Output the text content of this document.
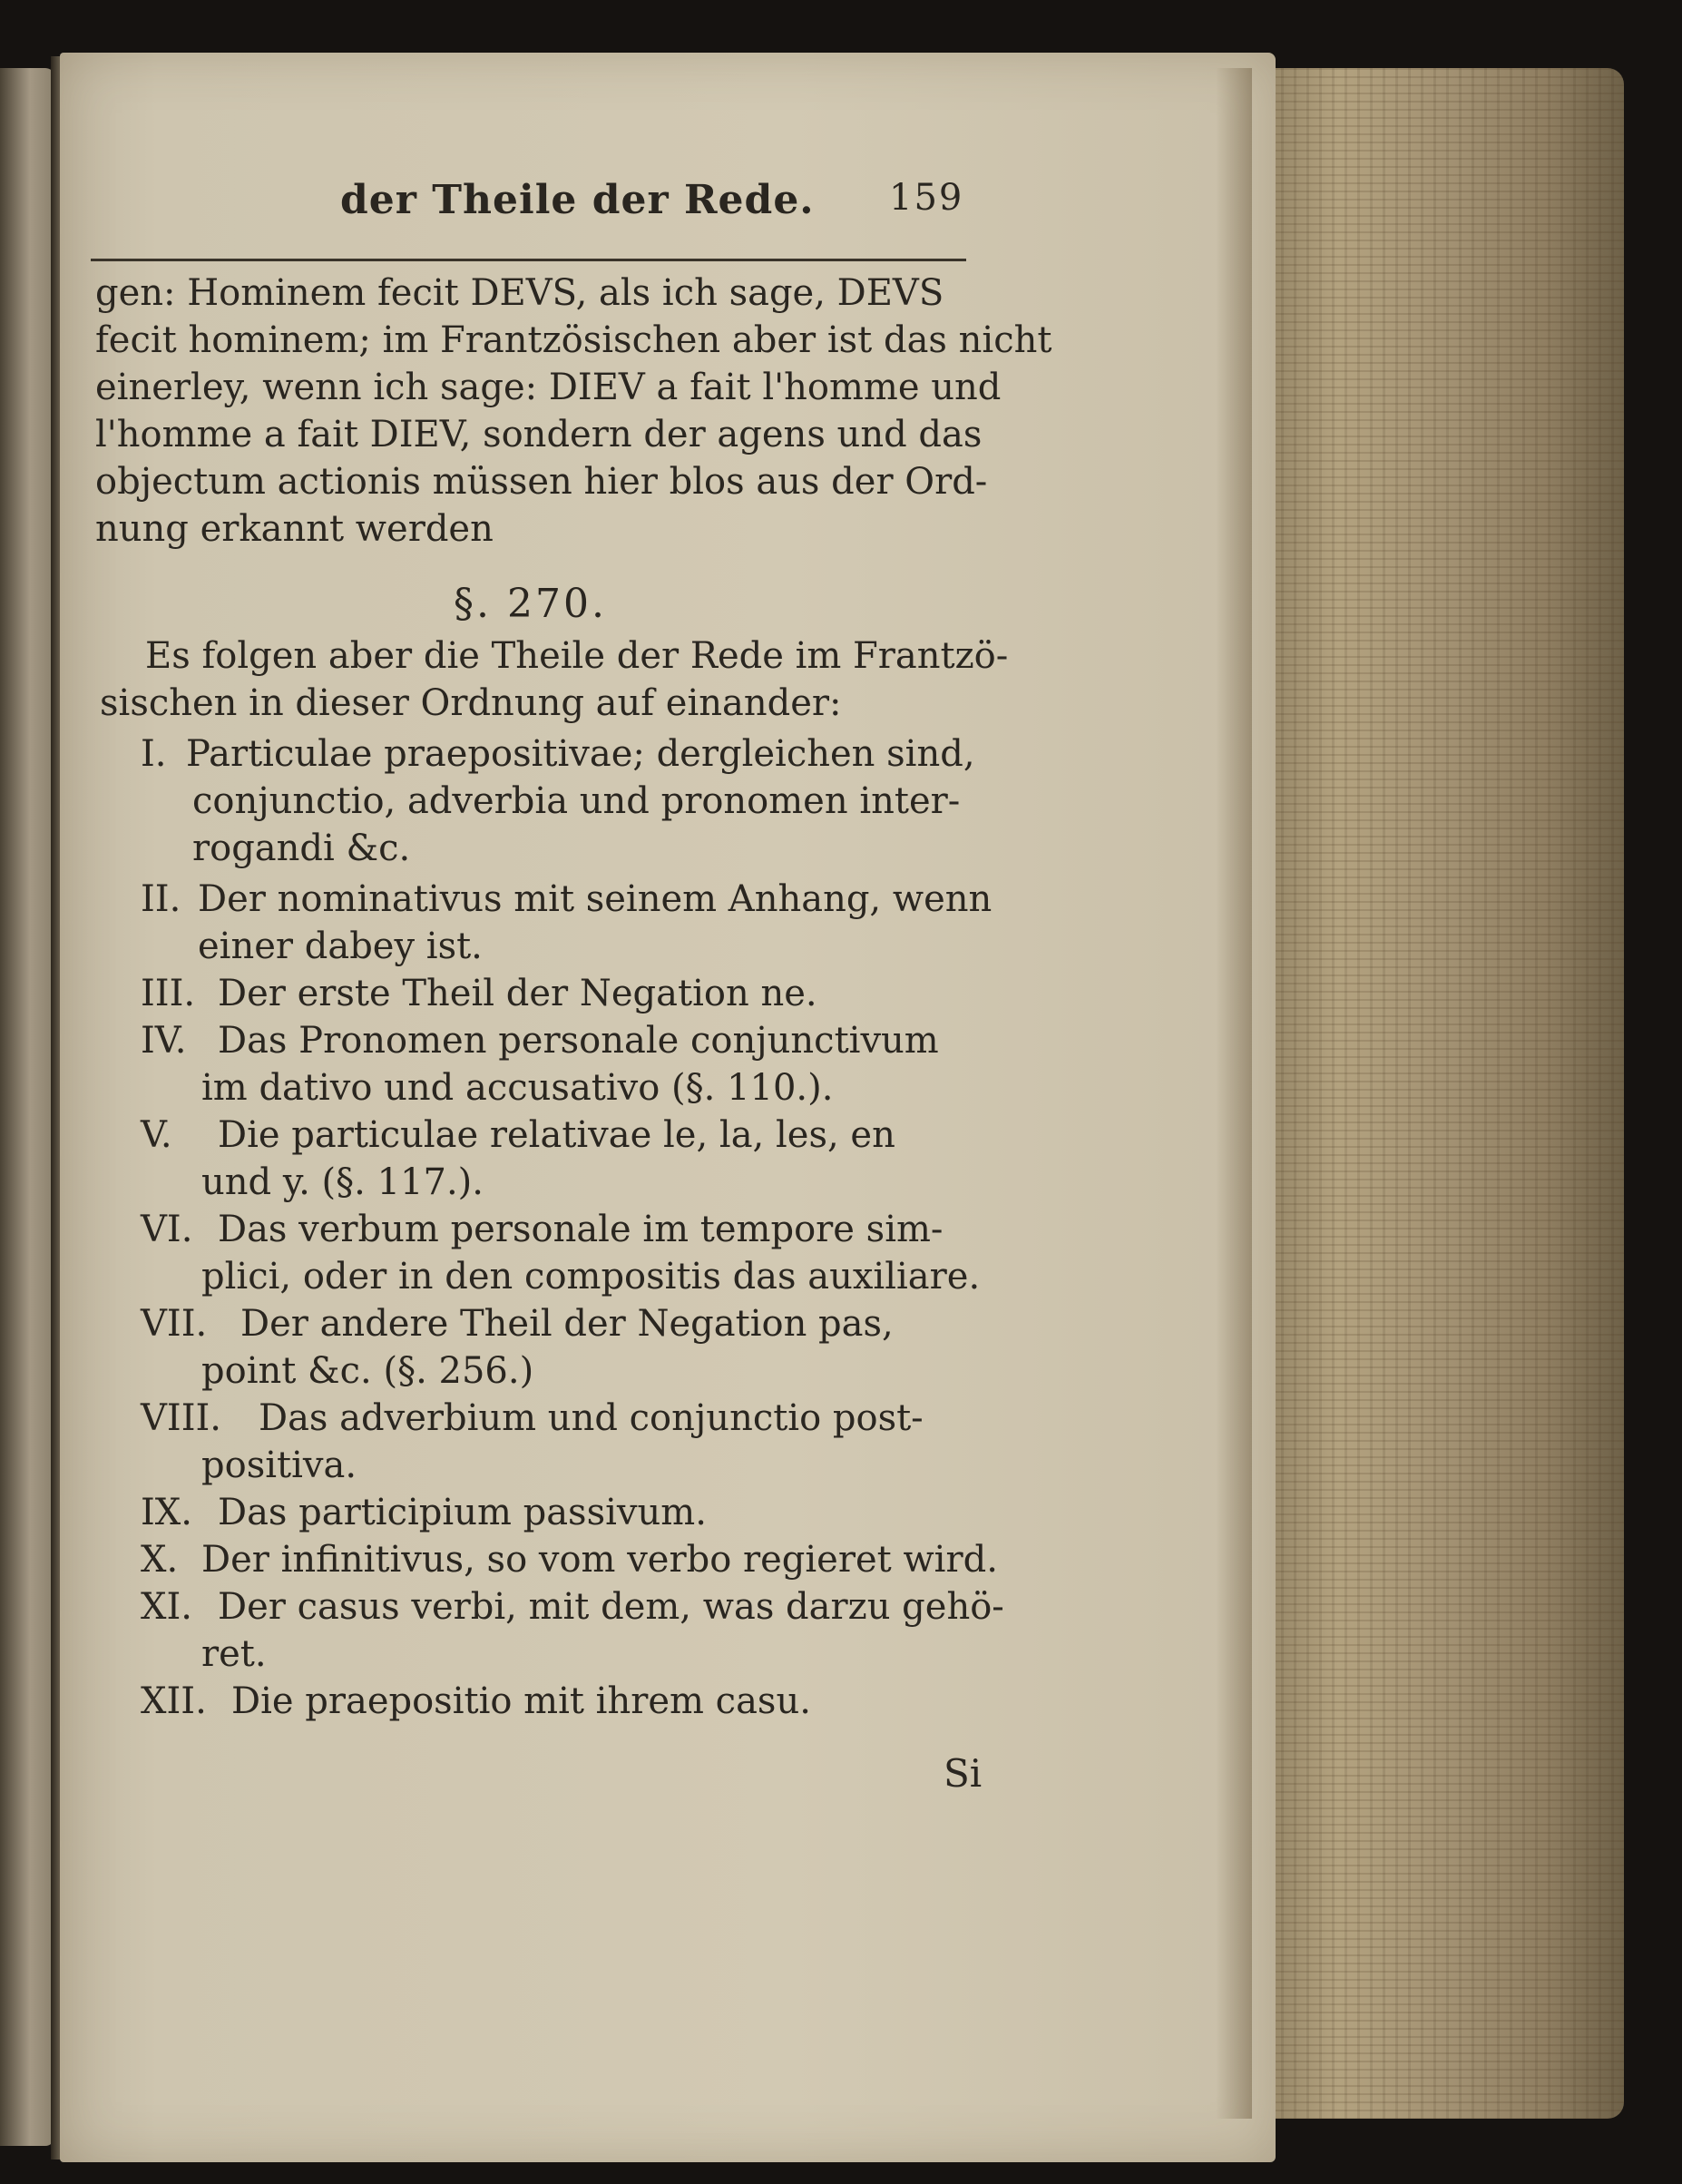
der Theile der Rede. 159
gen: Hominem fecit DEVS, als ich sage, DEVS
fecit hominem; im Frantzösischen aber ist das nicht
einerley, wenn ich sage: DIEV a fait l'homme und
l'homme a fait DIEV, sondern der agens und das
objectum actionis müssen hier blos aus der Ord-
nung erkannt werden
§. 270.
Es folgen aber die Theile der Rede im Frantzö-
sischen in dieser Ordnung auf einander:
I. Particulae praepositivae; dergleichen sind,
conjunctio, adverbia und pronomen inter-
rogandi &c.
II. Der nominativus mit seinem Anhang, wenn
einer dabey ist.
III. Der erste Theil der Negation ne.
IV. Das Pronomen personale conjunctivum
im dativo und accusativo (§. 110.).
V. Die particulae relativae le, la, les, en
und y. (§. 117.).
VI. Das verbum personale im tempore sim-
plici, oder in den compositis das auxiliare.
VII. Der andere Theil der Negation pas,
point &c. (§. 256.)
VIII. Das adverbium und conjunctio post-
positiva.
IX. Das participium passivum.
X. Der infinitivus, so vom verbo regieret wird.
XI. Der casus verbi, mit dem, was darzu gehö-
ret.
XII. Die praepositio mit ihrem casu.
Si
